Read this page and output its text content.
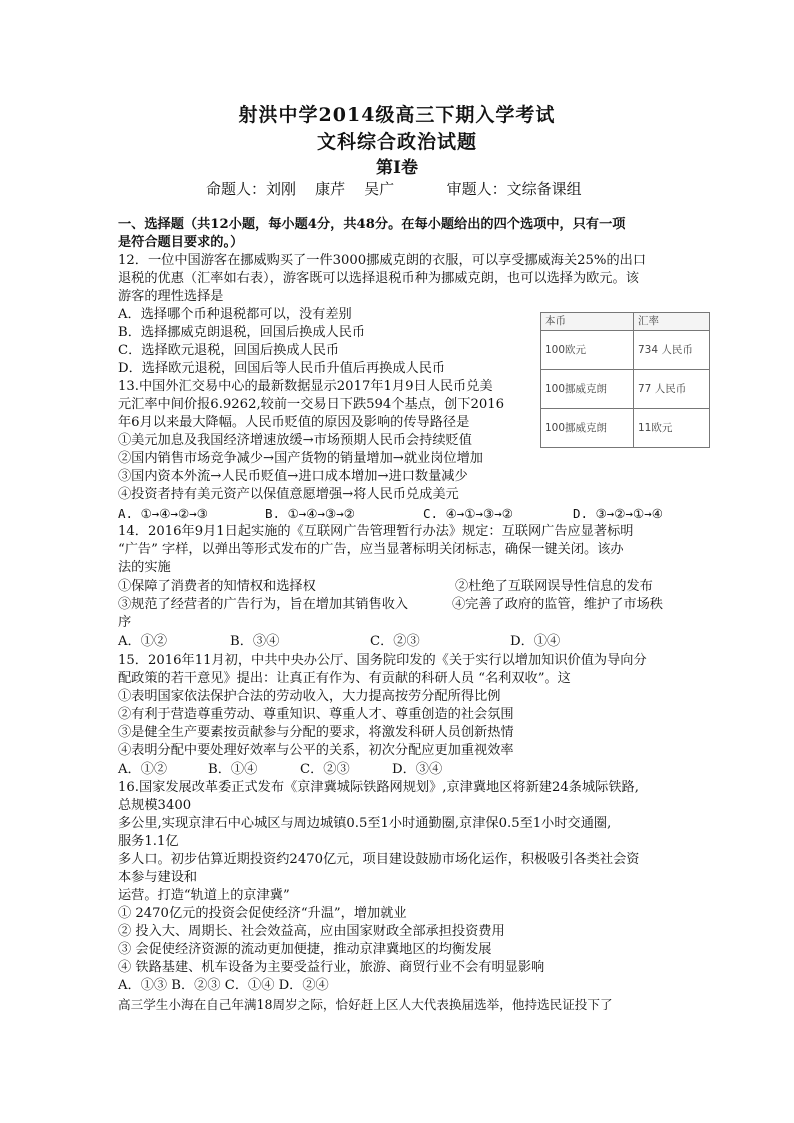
射洪中学2014级高三下期入学考试
文科综合政治试题
第Ⅰ卷
命题人：刘刚    康芹    吴广           审题人：文综备课组
一、选择题（共12小题，每小题4分，共48分。在每小题给出的四个选项中，只有一项
是符合题目要求的。）
12．一位中国游客在挪威购买了一件3000挪威克朗的衣服，可以享受挪威海关25%的出口
退税的优惠（汇率如右表），游客既可以选择退税币种为挪威克朗，也可以选择为欧元。该
游客的理性选择是
A．选择哪个币种退税都可以，没有差别
B．选择挪威克朗退税，回国后换成人民币
C．选择欧元退税，回国后换成人民币
D．选择欧元退税，回国后等人民币升值后再换成人民币
本币	汇率
100欧元	734 人民币
100挪威克朗	77 人民币
100挪威克朗	11欧元
13.中国外汇交易中心的最新数据显示2017年1月9日人民币兑美
元汇率中间价报6.9262,较前一交易日下跌594个基点，创下2016
年6月以来最大降幅。人民币贬值的原因及影响的传导路径是
①美元加息及我国经济增速放缓→市场预期人民币会持续贬值
②国内销售市场竞争减少→国产货物的销量增加→就业岗位增加
③国内资本外流→人民币贬值→进口成本增加→进口数量减少
④投资者持有美元资产以保值意愿增强→将人民币兑成美元
A. ①→④→②→③	B. ①→④→③→②	C. ④→①→③→②	D. ③→②→①→④
14．2016年9月1日起实施的《互联网广告管理暂行办法》规定：互联网广告应显著标明
“广告” 字样，以弹出等形式发布的广告，应当显著标明关闭标志，确保一键关闭。该办
法的实施
①保障了消费者的知情权和选择权	②杜绝了互联网误导性信息的发布
③规范了经营者的广告行为，旨在增加其销售收入	④完善了政府的监管，维护了市场秩
序
A．①②	B．③④	C．②③	D．①④
15．2016年11月初，中共中央办公厅、国务院印发的《关于实行以增加知识价值为导向分
配政策的若干意见》提出：让真正有作为、有贡献的科研人员 “名利双收”。这
①表明国家依法保护合法的劳动收入，大力提高按劳分配所得比例
②有利于营造尊重劳动、尊重知识、尊重人才、尊重创造的社会氛围
③是健全生产要素按贡献参与分配的要求，将激发科研人员创新热情
④表明分配中要处理好效率与公平的关系，初次分配应更加重视效率
A．①②	B．①④	C．②③	D．③④
16.国家发展改革委正式发布《京津冀城际铁路网规划》,京津冀地区将新建24条城际铁路,
总规模3400
多公里,实现京津石中心城区与周边城镇0.5至1小时通勤圈,京津保0.5至1小时交通圈,
服务1.1亿
多人口。初步估算近期投资约2470亿元，项目建设鼓励市场化运作，积极吸引各类社会资
本参与建设和
运营。打造“轨道上的京津冀”
① 2470亿元的投资会促使经济“升温”，增加就业
② 投入大、周期长、社会效益高，应由国家财政全部承担投资费用
③ 会促使经济资源的流动更加便捷，推动京津冀地区的均衡发展
④ 铁路基建、机车设备为主要受益行业，旅游、商贸行业不会有明显影响
A．①③ B．②③ C．①④ D．②④
高三学生小海在自己年满18周岁之际，恰好赶上区人大代表换届选举，他持选民证投下了
